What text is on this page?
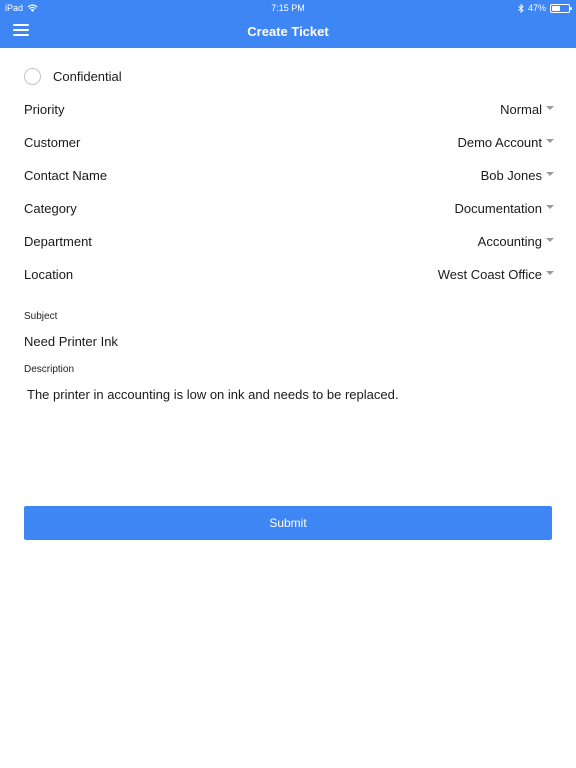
iPad	7:15 PM	47%
Create Ticket
Confidential
Priority	Normal
Customer	Demo Account
Contact Name	Bob Jones
Category	Documentation
Department	Accounting
Location	West Coast Office
Subject
Need Printer Ink
Description
The printer in accounting is low on ink and needs to be replaced.
Submit
